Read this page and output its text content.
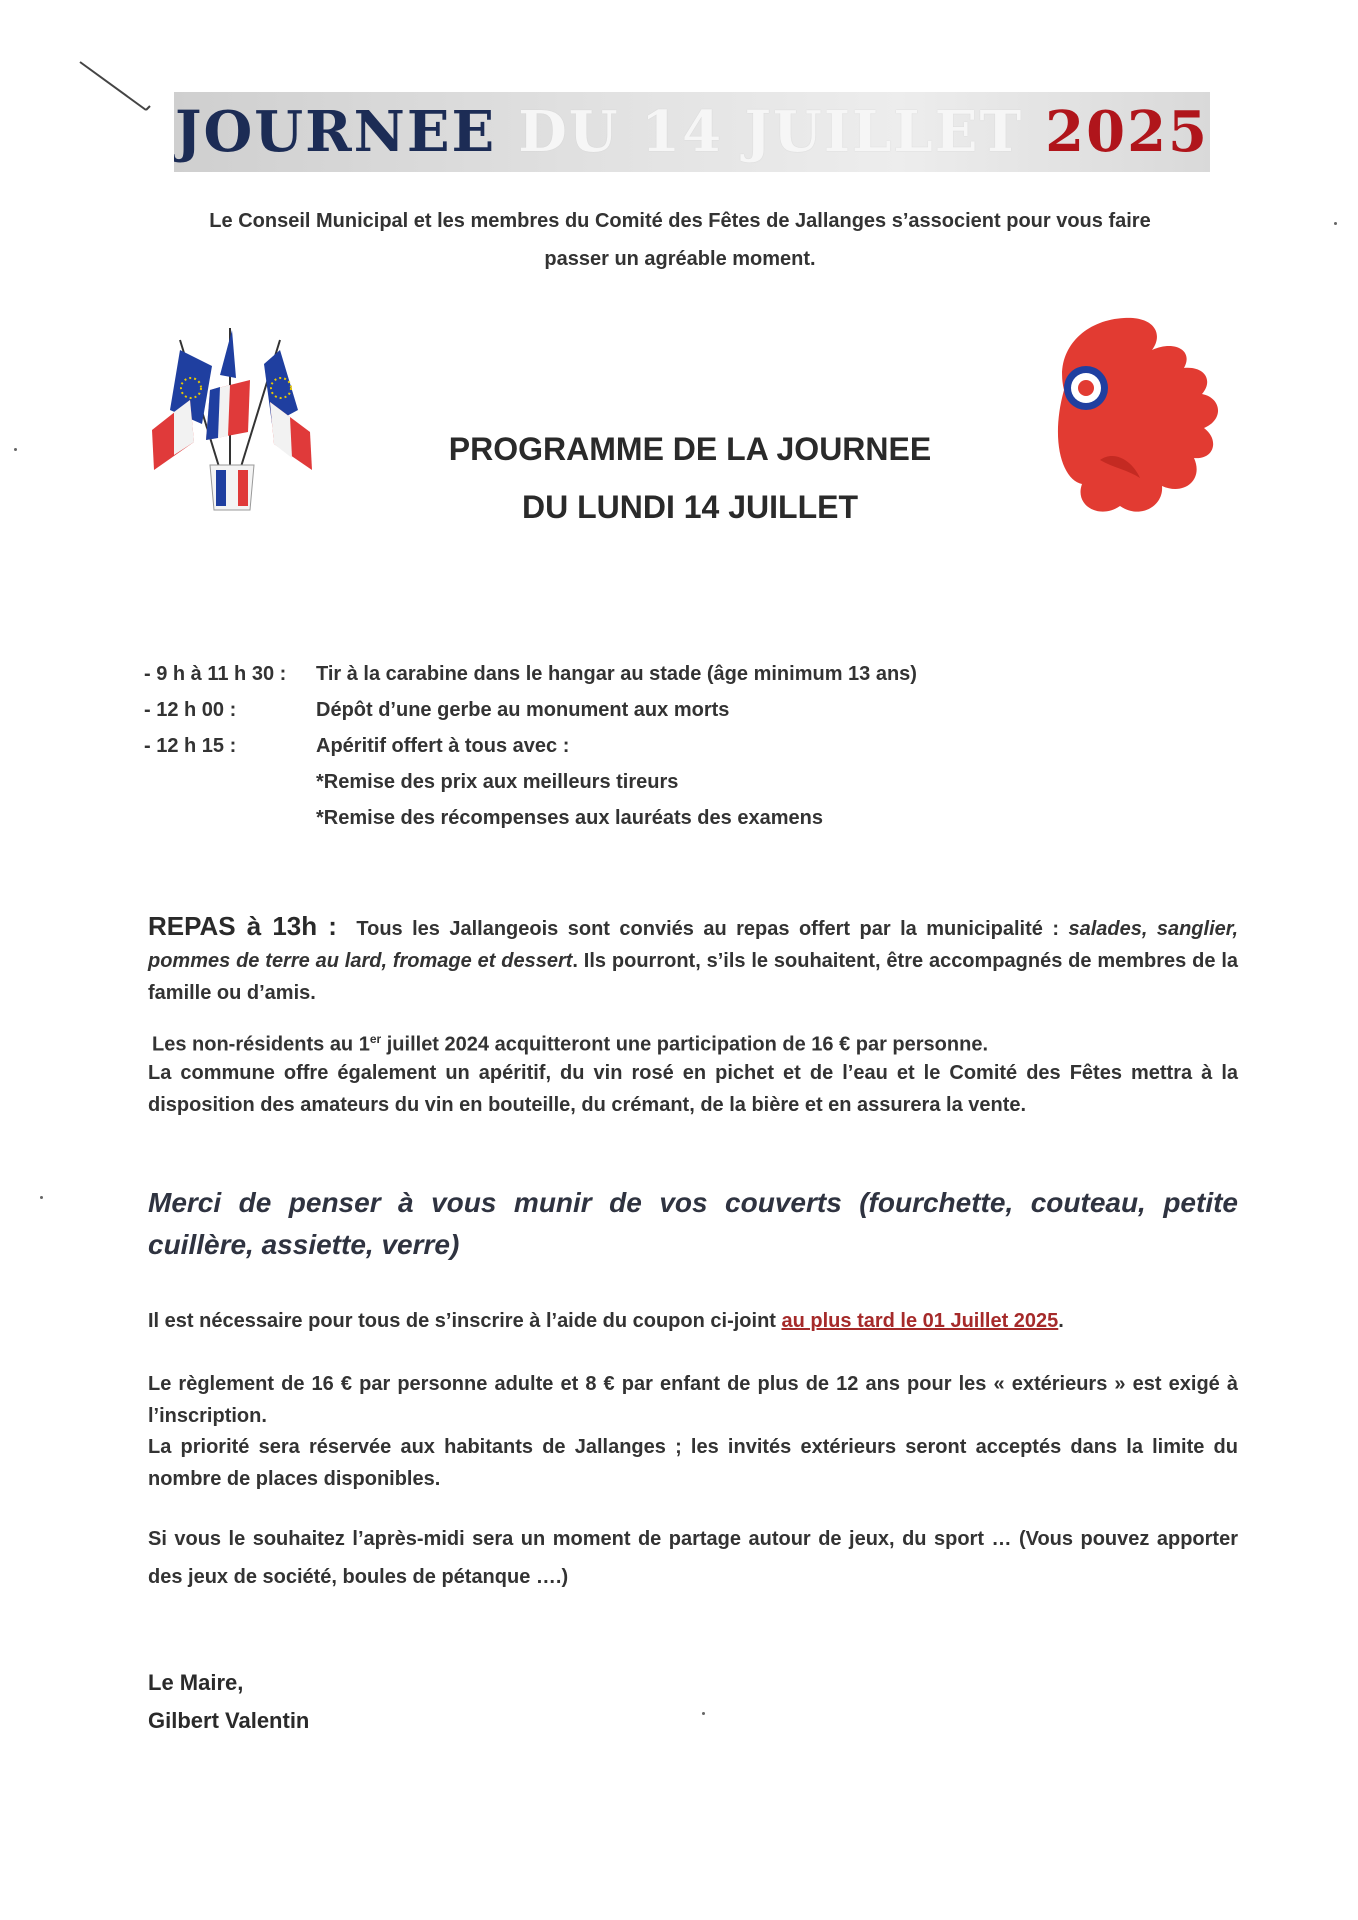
JOURNEE DU 14 JUILLET 2025
Le Conseil Municipal et les membres du Comité des Fêtes de Jallanges s’associent pour vous faire
passer un agréable moment.
PROGRAMME DE LA JOURNEE
DU LUNDI 14 JUILLET
- 9 h à 11 h 30 :	Tir à la carabine dans le hangar au stade (âge minimum 13 ans)
- 12 h 00 :	Dépôt d’une gerbe au monument aux morts
- 12 h 15 :	Apéritif offert à tous avec :
*Remise des prix aux meilleurs tireurs
*Remise des récompenses aux lauréats des examens
REPAS à 13h : Tous les Jallangeois sont conviés au repas offert par la municipalité : salades, sanglier, pommes de terre au lard, fromage et dessert. Ils pourront, s’ils le souhaitent, être accompagnés de membres de la famille ou d’amis.
Les non-résidents au 1er juillet 2024 acquitteront une participation de 16 € par personne.
La commune offre également un apéritif, du vin rosé en pichet et de l’eau et le Comité des Fêtes mettra à la disposition des amateurs du vin en bouteille, du crémant, de la bière et en assurera la vente.
Merci de penser à vous munir de vos couverts (fourchette, couteau, petite cuillère, assiette, verre)
Il est nécessaire pour tous de s’inscrire à l’aide du coupon ci-joint au plus tard le 01 Juillet 2025.
Le règlement de 16 € par personne adulte et 8 € par enfant de plus de 12 ans pour les « extérieurs » est exigé à l’inscription.
La priorité sera réservée aux habitants de Jallanges ; les invités extérieurs seront acceptés dans la limite du nombre de places disponibles.
Si vous le souhaitez l’après-midi sera un moment de partage autour de jeux, du sport … (Vous pouvez apporter des jeux de société, boules de pétanque ….)
Le Maire,
Gilbert Valentin
